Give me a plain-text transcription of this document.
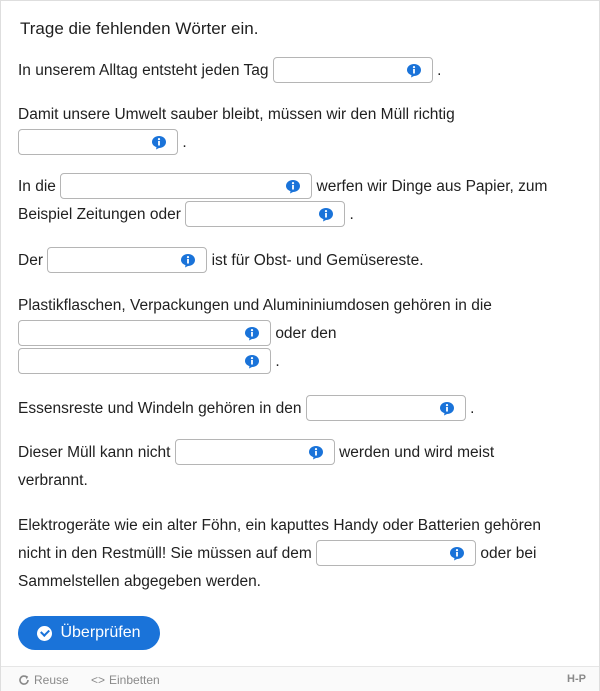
Trage die fehlenden Wörter ein.

In unserem Alltag entsteht jeden Tag	.

Damit unsere Umwelt sauber bleibt, müssen wir den Müll richtig

.

In die	werfen wir Dinge aus Papier, zum
Beispiel Zeitungen oder	.

Der	ist für Obst- und Gemüsereste.

Plastikflaschen, Verpackungen und Alumininiumdosen gehören in die

oder den

.

Essensreste und Windeln gehören in den	.

Dieser Müll kann nicht	werden und wird meist
verbrannt.

Elektrogeräte wie ein alter Föhn, ein kaputtes Handy oder Batterien gehören
nicht in den Restmüll! Sie müssen auf dem	oder bei
Sammelstellen abgegeben werden.

Überprüfen
Reuse <> Einbetten	H-P
